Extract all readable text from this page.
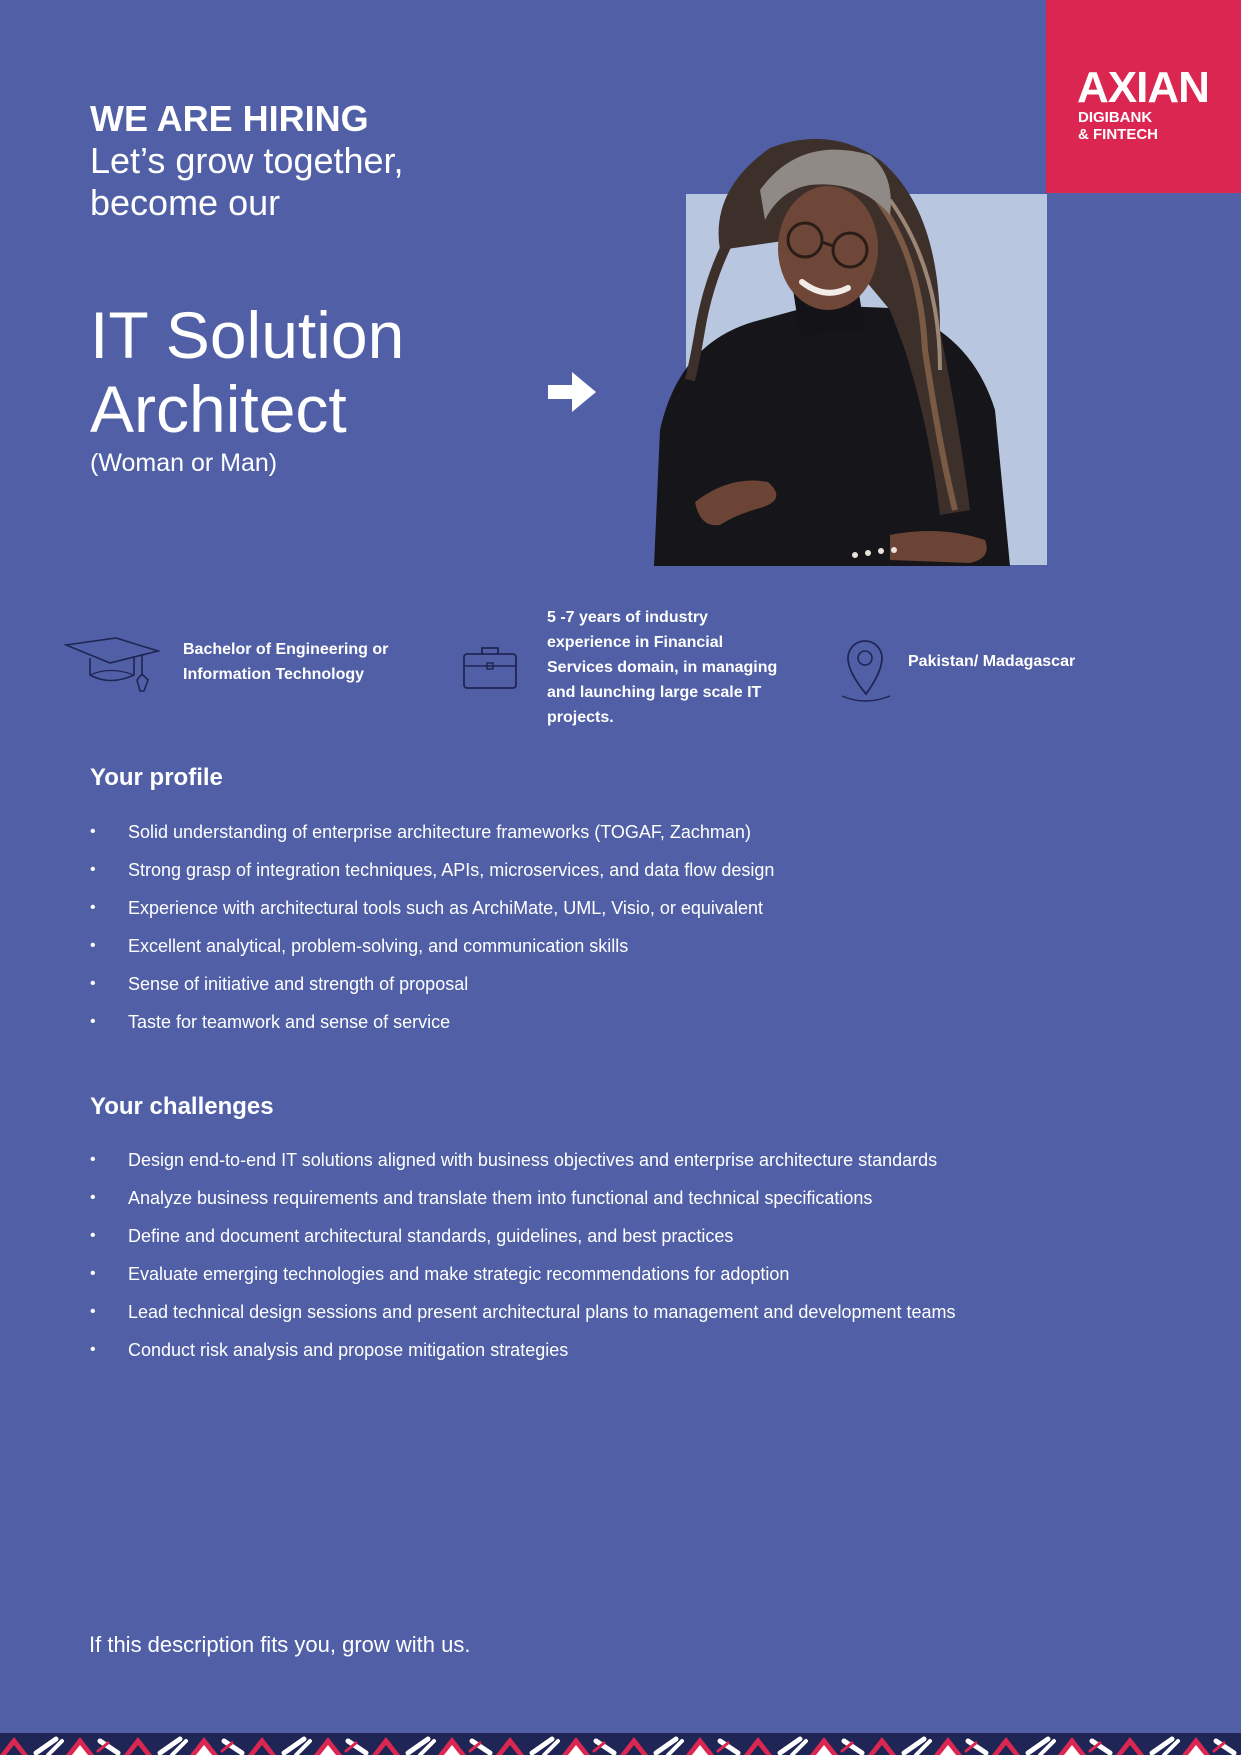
AXIAN
DIGIBANK
& FINTECH
WE ARE HIRING
Let’s grow together,
become our
IT Solution
Architect
(Woman or Man)
Bachelor of Engineering or Information Technology
5 -7 years of industry experience in Financial Services domain, in managing and launching large scale IT projects.
Pakistan/ Madagascar
Your profile
• Solid understanding of enterprise architecture frameworks (TOGAF, Zachman)
• Strong grasp of integration techniques, APIs, microservices, and data flow design
• Experience with architectural tools such as ArchiMate, UML, Visio, or equivalent
• Excellent analytical, problem-solving, and communication skills
• Sense of initiative and strength of proposal
• Taste for teamwork and sense of service
Your challenges
• Design end-to-end IT solutions aligned with business objectives and enterprise architecture standards
• Analyze business requirements and translate them into functional and technical specifications
• Define and document architectural standards, guidelines, and best practices
• Evaluate emerging technologies and make strategic recommendations for adoption
• Lead technical design sessions and present architectural plans to management and development teams
• Conduct risk analysis and propose mitigation strategies
If this description fits you, grow with us.
